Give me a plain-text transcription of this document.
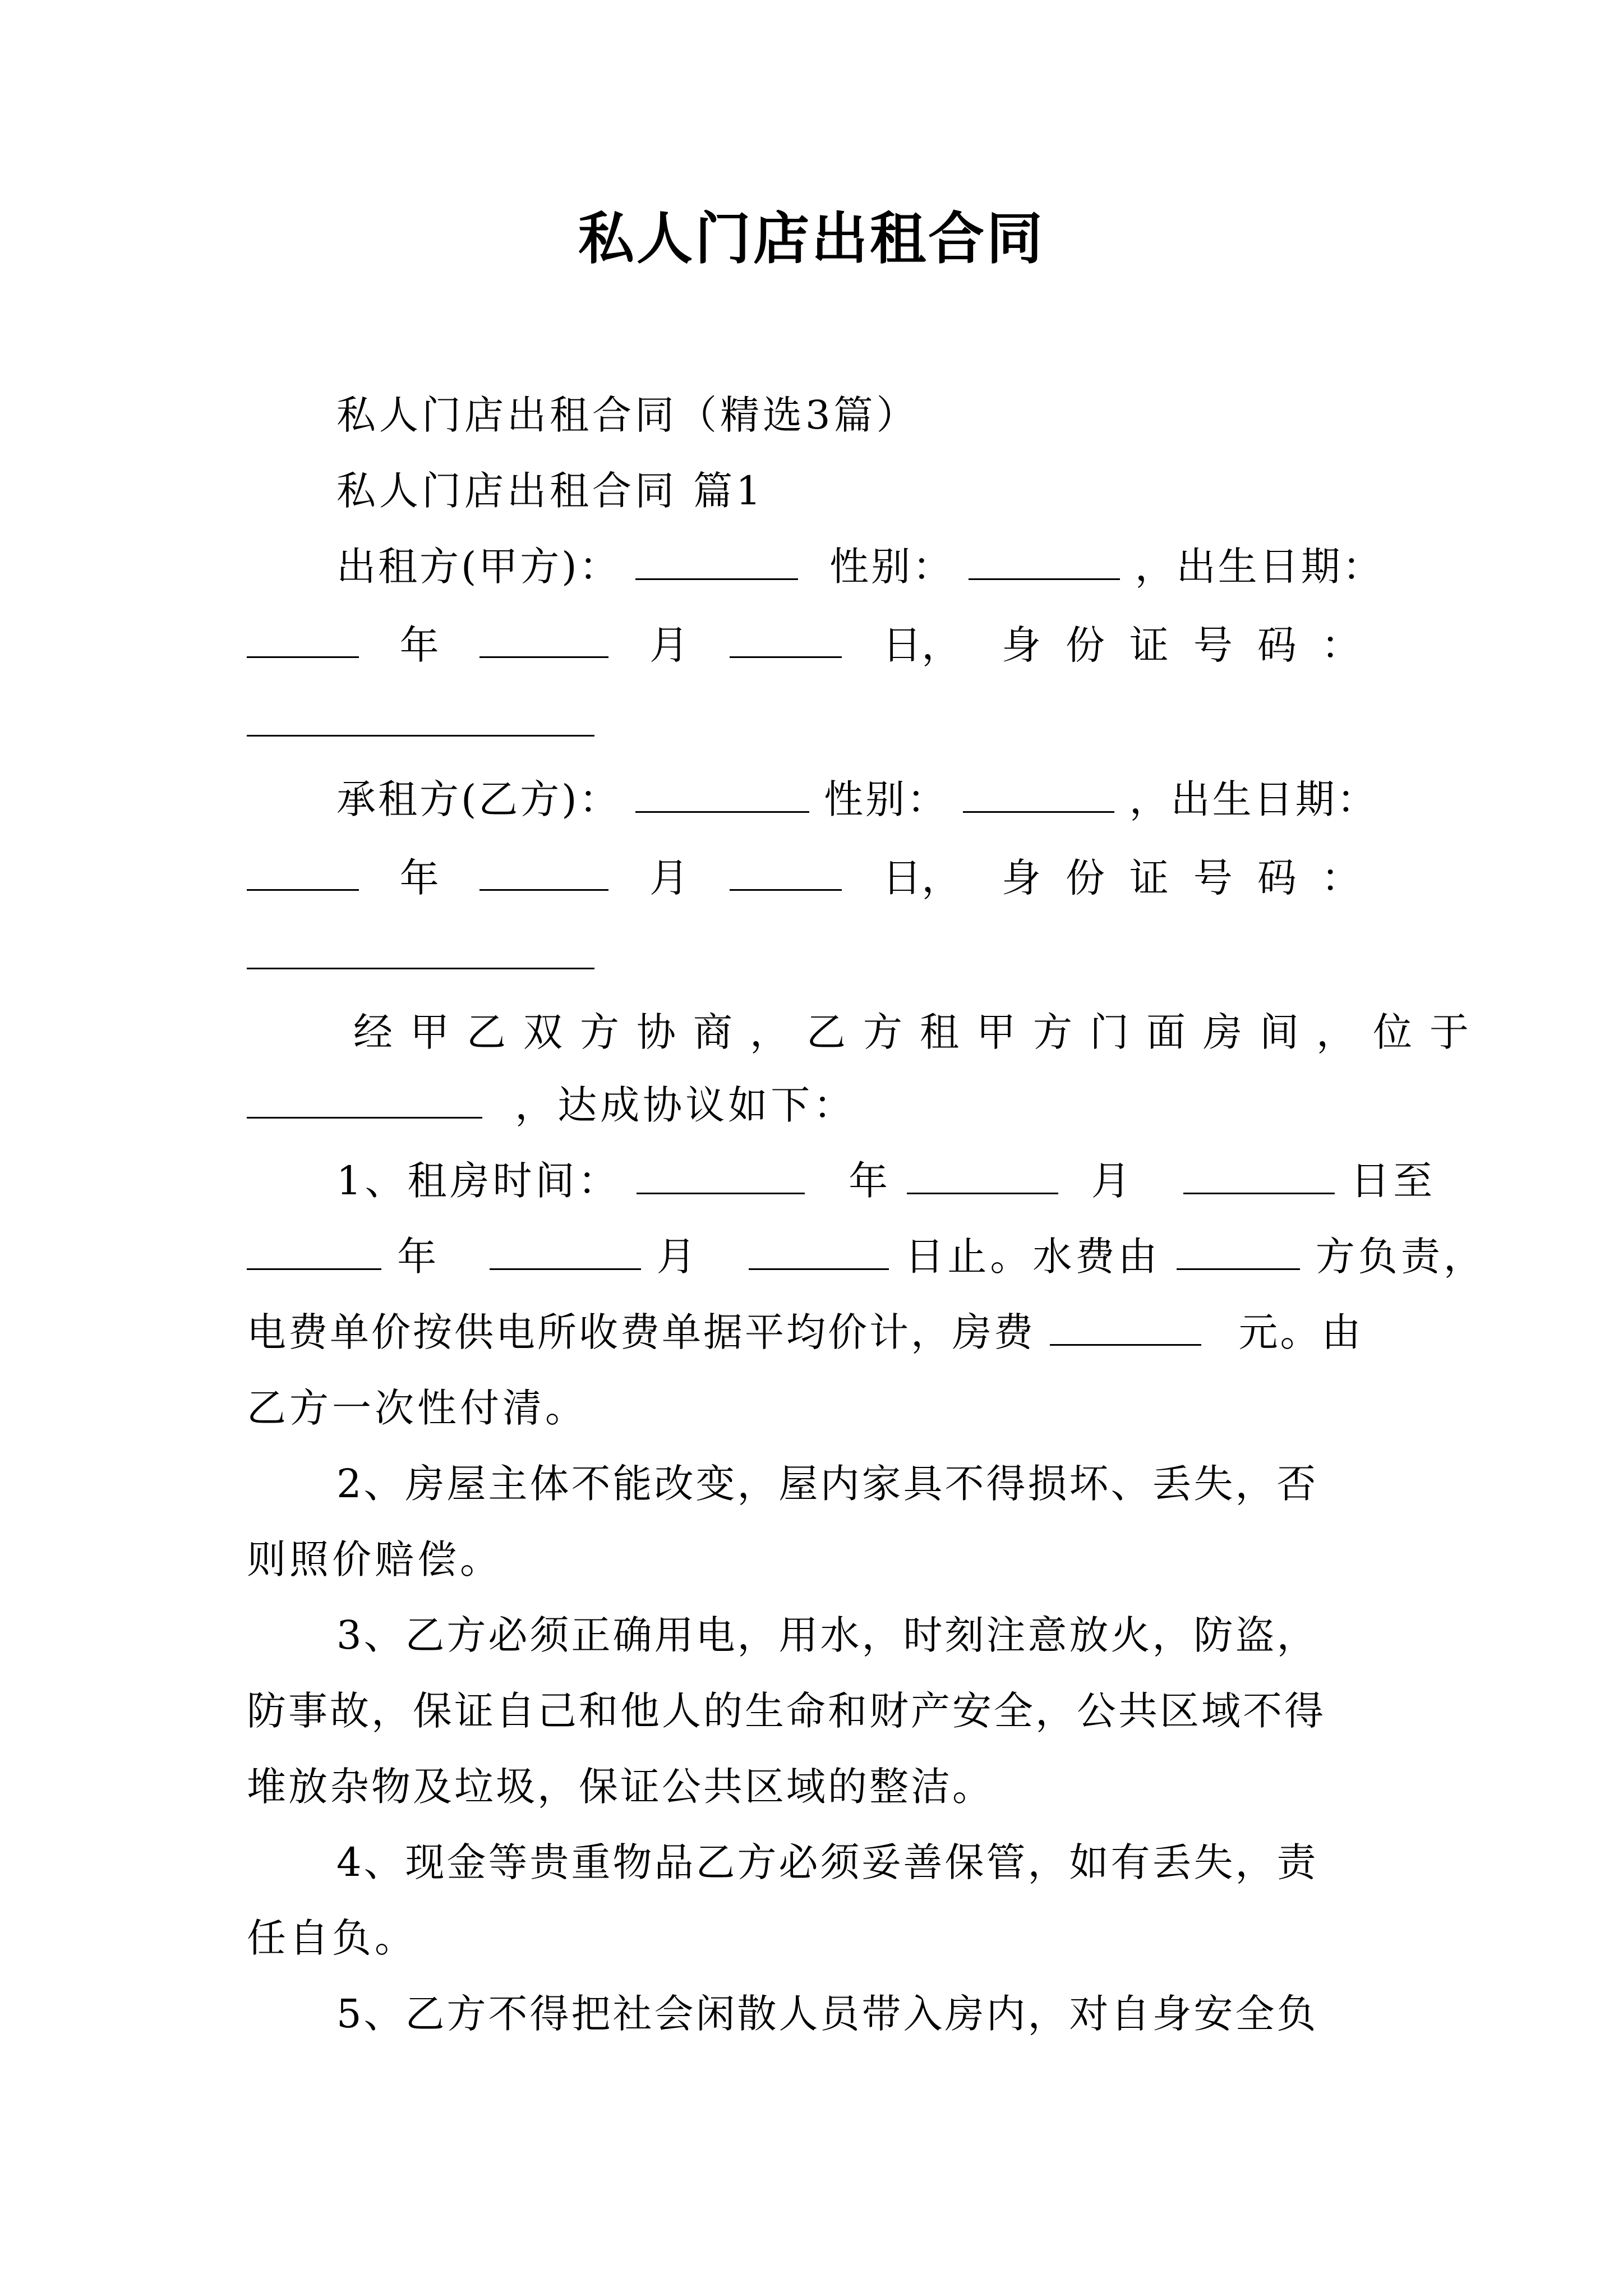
私人门店出租合同
私人门店出租合同（精选3篇）
私人门店出租合同 篇1
出租方(甲方)：	性别：	，出生日期：
年	月	日， 身份证号码：
承租方(乙方)：	性别：	，出生日期：
年	月	日， 身份证号码：
经甲乙双方协商，乙方租甲方门面房间，位于
，达成协议如下：
1、租房时间：	年	月	日至
年	月	日止。水费由	方负责，
电费单价按供电所收费单据平均价计，房费	元。由
乙方一次性付清。
2、房屋主体不能改变，屋内家具不得损坏、丢失，否
则照价赔偿。
3、乙方必须正确用电，用水，时刻注意放火，防盗，
防事故，保证自己和他人的生命和财产安全，公共区域不得
堆放杂物及垃圾，保证公共区域的整洁。
4、现金等贵重物品乙方必须妥善保管，如有丢失，责
任自负。
5、乙方不得把社会闲散人员带入房内，对自身安全负
